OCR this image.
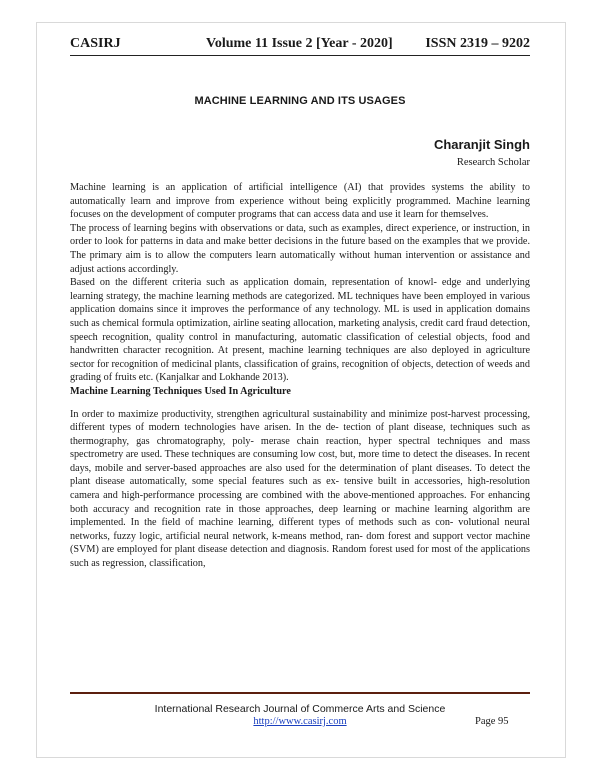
CASIRJ	Volume 11 Issue 2 [Year - 2020] ISSN 2319 – 9202
MACHINE LEARNING AND ITS USAGES
Charanjit Singh
Research Scholar

Machine learning is an application of artificial intelligence (AI) that provides systems the ability to automatically learn and improve from experience without being explicitly programmed. Machine learning focuses on the development of computer programs that can access data and use it learn for themselves.

The process of learning begins with observations or data, such as examples, direct experience, or instruction, in order to look for patterns in data and make better decisions in the future based on the examples that we provide. The primary aim is to allow the computers learn automatically without human intervention or assistance and adjust actions accordingly.

Based on the different criteria such as application domain, representation of knowl- edge and underlying learning strategy, the machine learning methods are categorized. ML techniques have been employed in various application domains since it improves the performance of any technology. ML is used in application domains such as chemical formula optimization, airline seating allocation, marketing analysis, credit card fraud detection, speech recognition, quality control in manufacturing, automatic classification of celestial objects, food and handwritten character recognition. At present, machine learning techniques are also deployed in agriculture sector for recognition of medicinal plants, classification of grains, recognition of objects, detection of weeds and grading of fruits etc. (Kanjalkar and Lokhande 2013).

Machine Learning Techniques Used In Agriculture

In order to maximize productivity, strengthen agricultural sustainability and minimize post-harvest processing, different types of modern technologies have arisen. In the de- tection of plant disease, techniques such as thermography, gas chromatography, poly- merase chain reaction, hyper spectral techniques and mass spectrometry are used. These techniques are consuming low cost, but, more time to detect the diseases. In recent days, mobile and server-based approaches are also used for the determination of plant diseases. To detect the plant disease automatically, some special features such as ex- tensive built in accessories, high-resolution camera and high-performance processing are combined with the above-mentioned approaches. For enhancing both accuracy and recognition rate in those approaches, deep learning or machine learning algorithm are implemented. In the field of machine learning, different types of methods such as con- volutional neural networks, fuzzy logic, artificial neural network, k-means method, ran- dom forest and support vector machine (SVM) are employed for plant disease detection and diagnosis. Random forest used for most of the applications such as regression, classification,

International Research Journal of Commerce Arts and Science
http://www.casirj.com	Page 95
